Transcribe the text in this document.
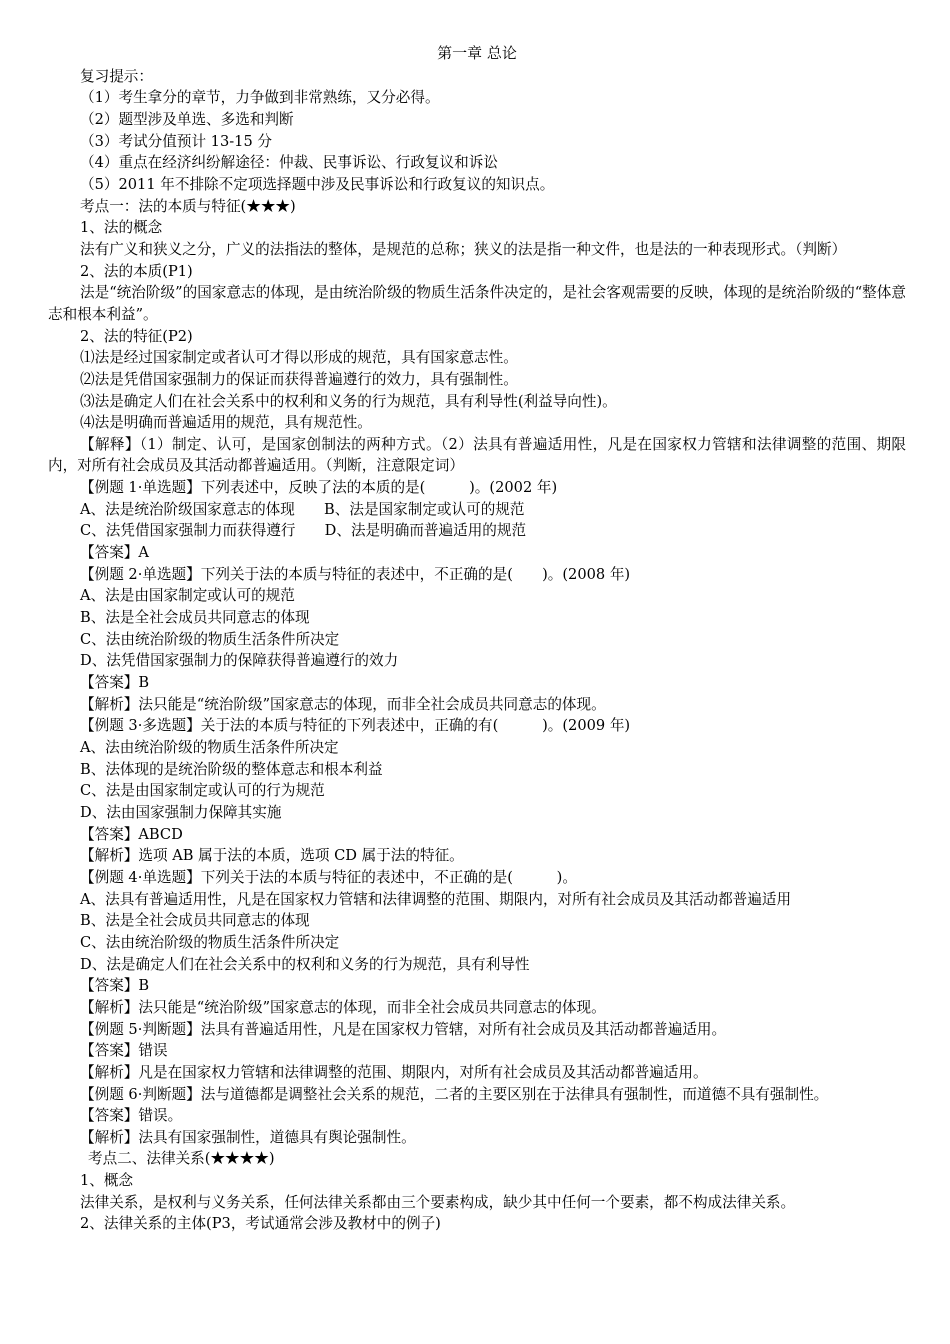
第一章 总论
复习提示：
（1）考生拿分的章节，力争做到非常熟练，又分必得。
（2）题型涉及单选、多选和判断
（3）考试分值预计 13-15 分
（4）重点在经济纠纷解途径：仲裁、民事诉讼、行政复议和诉讼
（5）2011 年不排除不定项选择题中涉及民事诉讼和行政复议的知识点。
考点一：法的本质与特征(★★★)
1、法的概念
法有广义和狭义之分，广义的法指法的整体，是规范的总称；狭义的法是指一种文件，也是法的一种表现形式。（判断）
2、法的本质(P1)
法是“统治阶级”的国家意志的体现，是由统治阶级的物质生活条件决定的，是社会客观需要的反映，体现的是统治阶级的“整体意志和根本利益”。
2、法的特征(P2)
⑴法是经过国家制定或者认可才得以形成的规范，具有国家意志性。
⑵法是凭借国家强制力的保证而获得普遍遵行的效力，具有强制性。
⑶法是确定人们在社会关系中的权利和义务的行为规范，具有利导性(利益导向性)。
⑷法是明确而普遍适用的规范，具有规范性。
【解释】（1）制定、认可，是国家创制法的两种方式。（2）法具有普遍适用性，凡是在国家权力管辖和法律调整的范围、期限内，对所有社会成员及其活动都普遍适用。（判断，注意限定词）
【例题 1·单选题】下列表述中，反映了法的本质的是(　　　)。(2002 年)
A、法是统治阶级国家意志的体现　　B、法是国家制定或认可的规范
C、法凭借国家强制力而获得遵行　　D、法是明确而普遍适用的规范
【答案】A
【例题 2·单选题】下列关于法的本质与特征的表述中，不正确的是(　　)。(2008 年)
A、法是由国家制定或认可的规范
B、法是全社会成员共同意志的体现
C、法由统治阶级的物质生活条件所决定
D、法凭借国家强制力的保障获得普遍遵行的效力
【答案】B
【解析】法只能是“统治阶级”国家意志的体现，而非全社会成员共同意志的体现。
【例题 3·多选题】关于法的本质与特征的下列表述中，正确的有(　　　)。(2009 年)
A、法由统治阶级的物质生活条件所决定
B、法体现的是统治阶级的整体意志和根本利益
C、法是由国家制定或认可的行为规范
D、法由国家强制力保障其实施
【答案】ABCD
【解析】选项 AB 属于法的本质，选项 CD 属于法的特征。
【例题 4·单选题】下列关于法的本质与特征的表述中，不正确的是(　　　)。
A、法具有普遍适用性，凡是在国家权力管辖和法律调整的范围、期限内，对所有社会成员及其活动都普遍适用
B、法是全社会成员共同意志的体现
C、法由统治阶级的物质生活条件所决定
D、法是确定人们在社会关系中的权利和义务的行为规范，具有利导性
【答案】B
【解析】法只能是“统治阶级”国家意志的体现，而非全社会成员共同意志的体现。
【例题 5·判断题】法具有普遍适用性，凡是在国家权力管辖，对所有社会成员及其活动都普遍适用。
【答案】错误
【解析】凡是在国家权力管辖和法律调整的范围、期限内，对所有社会成员及其活动都普遍适用。
【例题 6·判断题】法与道德都是调整社会关系的规范，二者的主要区别在于法律具有强制性，而道德不具有强制性。
【答案】错误。
【解析】法具有国家强制性，道德具有舆论强制性。
考点二、法律关系(★★★★)
1、概念
法律关系，是权利与义务关系，任何法律关系都由三个要素构成，缺少其中任何一个要素，都不构成法律关系。
2、法律关系的主体(P3，考试通常会涉及教材中的例子)
